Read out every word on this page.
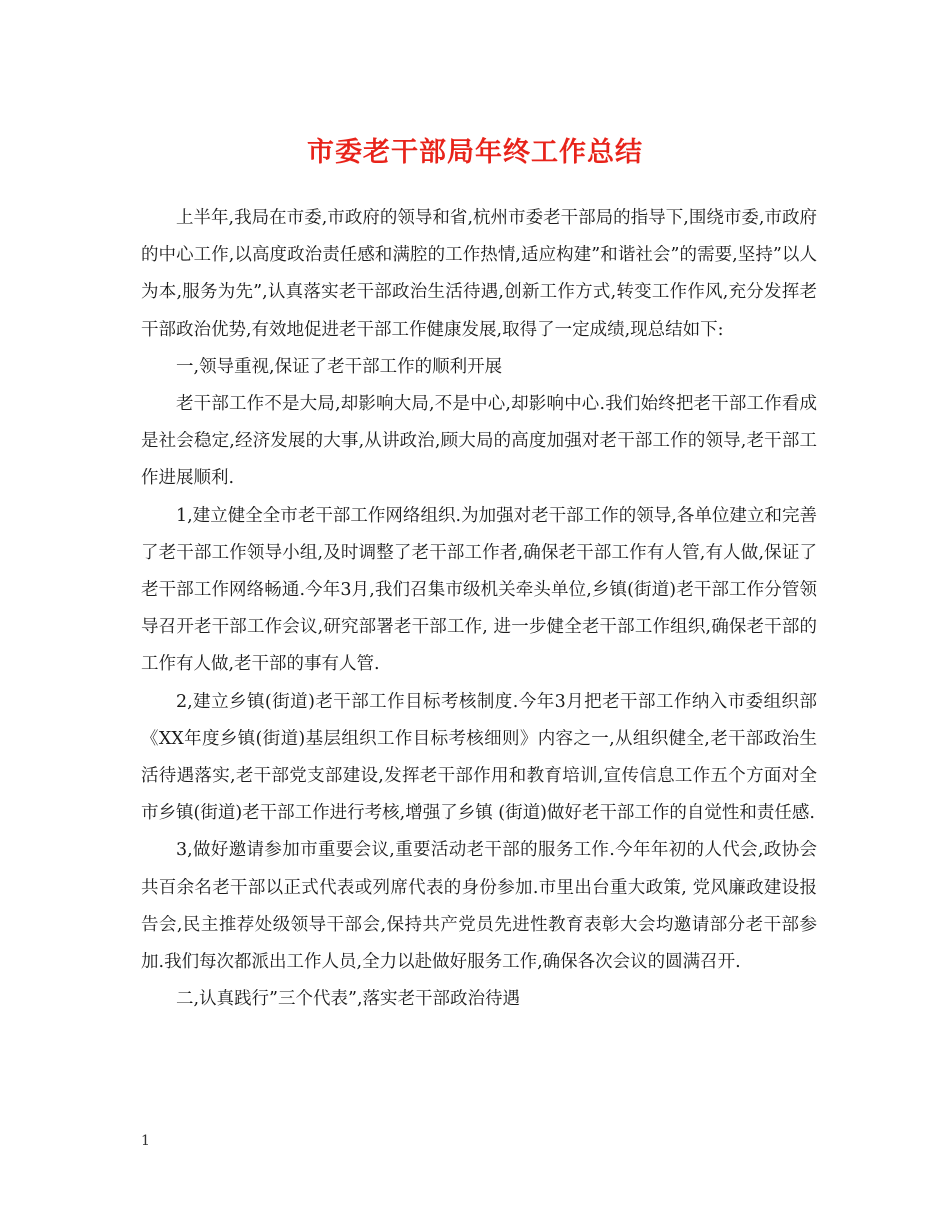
市委老干部局年终工作总结

上半年,我局在市委,市政府的领导和省,杭州市委老干部局的指导下,围绕市委,市政府的中心工作,以高度政治责任感和满腔的工作热情,适应构建”和谐社会”的需要,坚持”以人为本,服务为先”,认真落实老干部政治生活待遇,创新工作方式,转变工作作风,充分发挥老干部政治优势,有效地促进老干部工作健康发展,取得了一定成绩,现总结如下:

一,领导重视,保证了老干部工作的顺利开展

老干部工作不是大局,却影响大局,不是中心,却影响中心.我们始终把老干部工作看成是社会稳定,经济发展的大事,从讲政治,顾大局的高度加强对老干部工作的领导,老干部工作进展顺利.

1,建立健全全市老干部工作网络组织.为加强对老干部工作的领导,各单位建立和完善了老干部工作领导小组,及时调整了老干部工作者,确保老干部工作有人管,有人做,保证了老干部工作网络畅通.今年3月,我们召集市级机关牵头单位,乡镇(街道)老干部工作分管领导召开老干部工作会议,研究部署老干部工作, 进一步健全老干部工作组织,确保老干部的工作有人做,老干部的事有人管.

2,建立乡镇(街道)老干部工作目标考核制度.今年3月把老干部工作纳入市委组织部《XX年度乡镇(街道)基层组织工作目标考核细则》内容之一,从组织健全,老干部政治生活待遇落实,老干部党支部建设,发挥老干部作用和教育培训,宣传信息工作五个方面对全市乡镇(街道)老干部工作进行考核,增强了乡镇 (街道)做好老干部工作的自觉性和责任感.

3,做好邀请参加市重要会议,重要活动老干部的服务工作.今年年初的人代会,政协会共百余名老干部以正式代表或列席代表的身份参加.市里出台重大政策, 党风廉政建设报告会,民主推荐处级领导干部会,保持共产党员先进性教育表彰大会均邀请部分老干部参加.我们每次都派出工作人员,全力以赴做好服务工作,确保各次会议的圆满召开.

二,认真践行”三个代表”,落实老干部政治待遇

1
